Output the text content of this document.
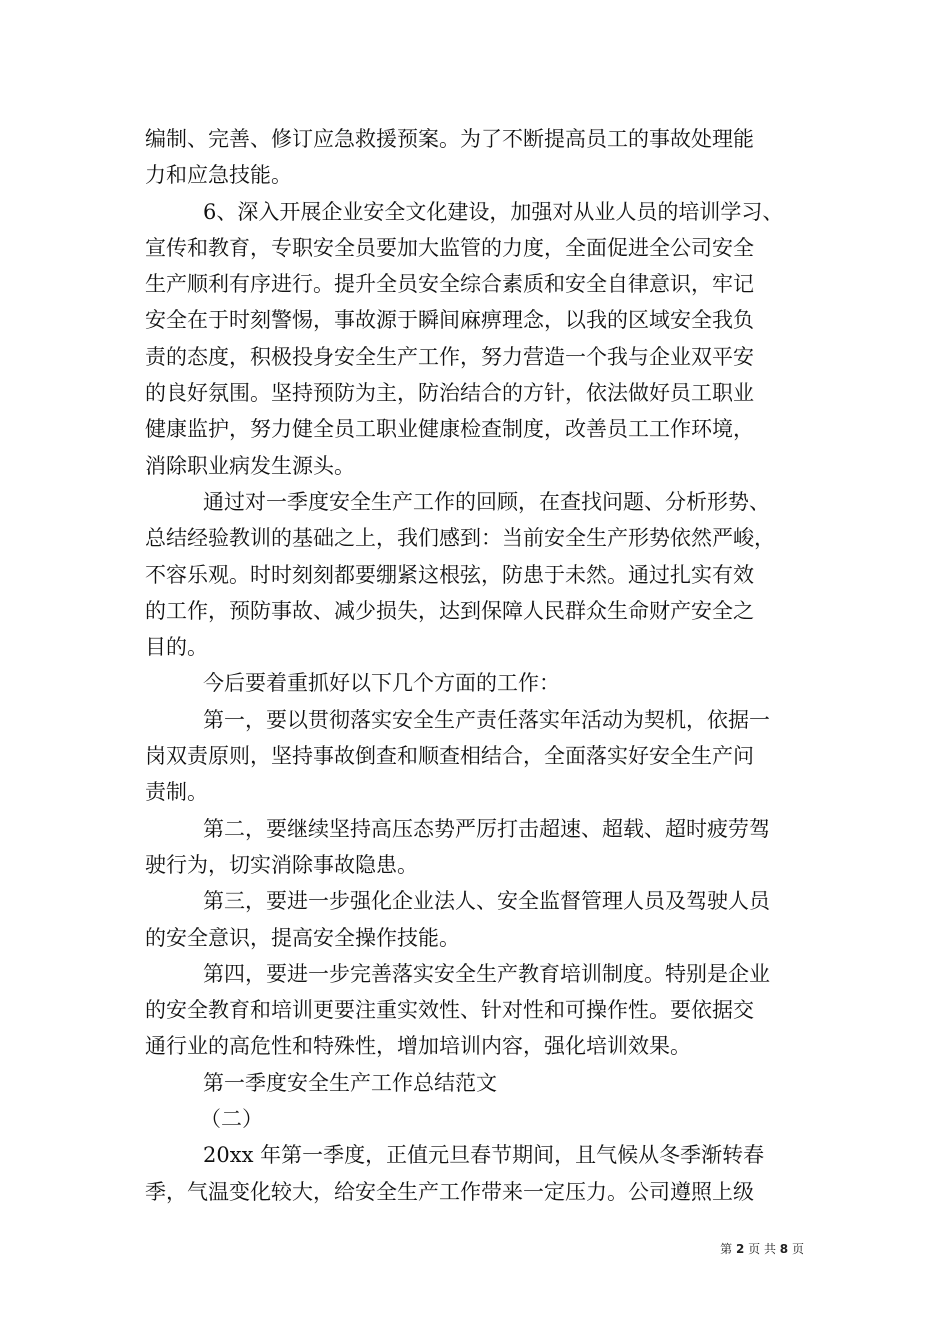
编制、完善、修订应急救援预案。为了不断提高员工的事故处理能
力和应急技能。
6、深入开展企业安全文化建设，加强对从业人员的培训学习、
宣传和教育，专职安全员要加大监管的力度，全面促进全公司安全
生产顺利有序进行。提升全员安全综合素质和安全自律意识，牢记
安全在于时刻警惕，事故源于瞬间麻痹理念，以我的区域安全我负
责的态度，积极投身安全生产工作，努力营造一个我与企业双平安
的良好氛围。坚持预防为主，防治结合的方针，依法做好员工职业
健康监护，努力健全员工职业健康检查制度，改善员工工作环境，
消除职业病发生源头。
通过对一季度安全生产工作的回顾，在查找问题、分析形势、
总结经验教训的基础之上，我们感到：当前安全生产形势依然严峻，
不容乐观。时时刻刻都要绷紧这根弦，防患于未然。通过扎实有效
的工作，预防事故、减少损失，达到保障人民群众生命财产安全之
目的。
今后要着重抓好以下几个方面的工作：
第一，要以贯彻落实安全生产责任落实年活动为契机，依据一
岗双责原则，坚持事故倒查和顺查相结合，全面落实好安全生产问
责制。
第二，要继续坚持高压态势严厉打击超速、超载、超时疲劳驾
驶行为，切实消除事故隐患。
第三，要进一步强化企业法人、安全监督管理人员及驾驶人员
的安全意识，提高安全操作技能。
第四，要进一步完善落实安全生产教育培训制度。特别是企业
的安全教育和培训更要注重实效性、针对性和可操作性。要依据交
通行业的高危性和特殊性，增加培训内容，强化培训效果。
第一季度安全生产工作总结范文
（二）
20xx 年第一季度，正值元旦春节期间，且气候从冬季渐转春
季，气温变化较大，给安全生产工作带来一定压力。公司遵照上级
第 2 页 共 8 页
